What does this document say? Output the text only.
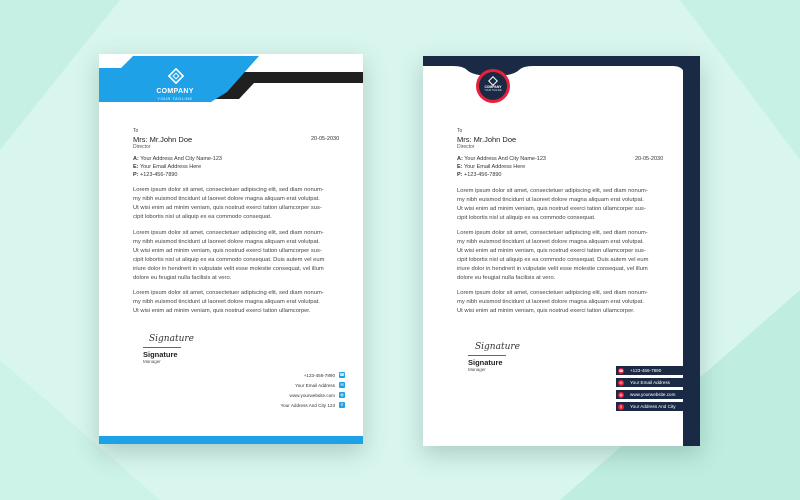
COMPANY
YOUR TAGLINE
To
Mrs: Mr.John Doe
Director
20-05-2030
A: Your Address And City Name-123
E: Your Email Address Here
P: +123-456-7890
Lorem ipsum dolor sit amet, consectetuer adipiscing elit, sed diam nonum-
my nibh euismod tincidunt ut laoreet dolore magna aliquam erat volutpat.
Ut wisi enim ad minim veniam, quis nostrud exerci tation ullamcorper sus-
cipit lobortis nisl ut aliquip ex ea commodo consequat.
Lorem ipsum dolor sit amet, consectetuer adipiscing elit, sed diam nonum-
my nibh euismod tincidunt ut laoreet dolore magna aliquam erat volutpat.
Ut wisi enim ad minim veniam, quis nostrud exerci tation ullamcorper sus-
cipit lobortis nisl ut aliquip ex ea commodo consequat. Duis autem vel eum
iriure dolor in hendrerit in vulputate velit esse molestie consequat, vel illum
dolore eu feugiat nulla facilisis at vero.
Lorem ipsum dolor sit amet, consectetuer adipiscing elit, sed diam nonum-
my nibh euismod tincidunt ut laoreet dolore magna aliquam erat volutpat.
Ut wisi enim ad minim veniam, quis nostrud exerci tation ullamcorper.
Signature
Signature
Manager
+123-456-7890 ☎
Your Email Address	✉
www.yourwebsite.com	◍
Your Address And City 123	⚲
COMPANY
YOUR TAGLINE
To
Mrs: Mr.John Doe
Director
20-05-2030
A: Your Address And City Name-123
E: Your Email Address Here
P: +123-456-7890
Lorem ipsum dolor sit amet, consectetuer adipiscing elit, sed diam nonum-
my nibh euismod tincidunt ut laoreet dolore magna aliquam erat volutpat.
Ut wisi enim ad minim veniam, quis nostrud exerci tation ullamcorper sus-
cipit lobortis nisl ut aliquip ex ea commodo consequat.
Lorem ipsum dolor sit amet, consectetuer adipiscing elit, sed diam nonum-
my nibh euismod tincidunt ut laoreet dolore magna aliquam erat volutpat.
Ut wisi enim ad minim veniam, quis nostrud exerci tation ullamcorper sus-
cipit lobortis nisl ut aliquip ex ea commodo consequat. Duis autem vel eum
iriure dolor in hendrerit in vulputate velit esse molestie consequat, vel illum
dolore eu feugiat nulla facilisis at vero.
Lorem ipsum dolor sit amet, consectetuer adipiscing elit, sed diam nonum-
my nibh euismod tincidunt ut laoreet dolore magna aliquam erat volutpat.
Ut wisi enim ad minim veniam, quis nostrud exerci tation ullamcorper.
Signature
Signature
Manager	☎ +123-456-7890
✉	Your Email Address
◍	www.yourwebsite.com
⚲	Your Address And City
